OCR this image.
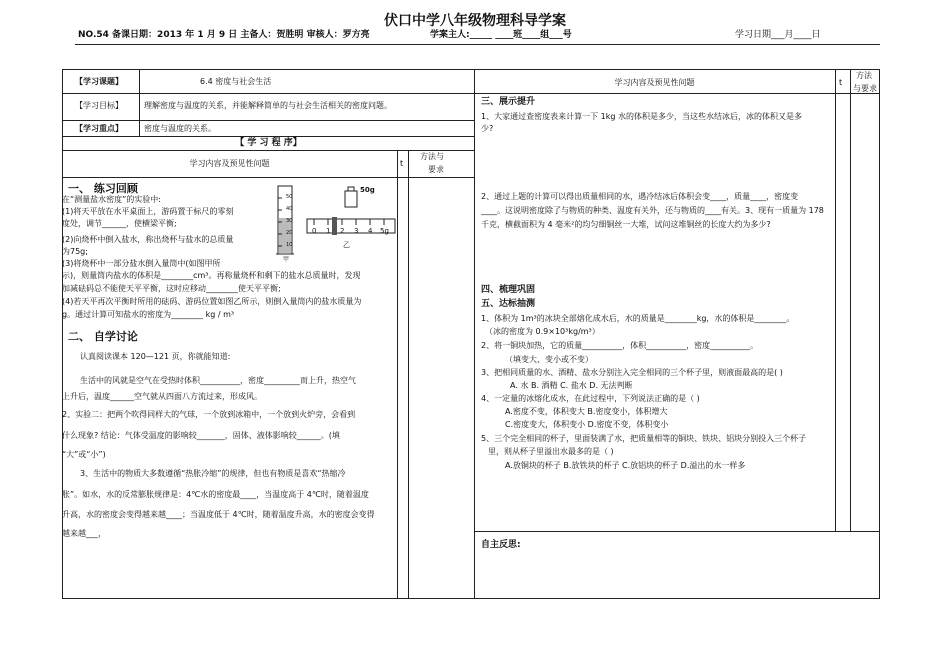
伏口中学八年级物理科导学案
NO.54 备课日期：2013 年 1 月 9 日 主备人：贺胜明 审核人：罗方亮	学案主人:_____ ____班____组___号	学习日期___月____日
【学习课题】	6.4 密度与社会生活
【学习目标】	理解密度与温度的关系，并能解释简单的与社会生活相关的密度问题。
【学习重点】	密度与温度的关系。
【 学 习 程 序】
学习内容及预见性问题	t
方法与
要求
一、 练习回顾
在“测量盐水密度”的实验中:
(1)将天平放在水平桌面上，游码置于标尺的零刻
度处，调节______，使横梁平衡;
(2)向烧杯中倒入盐水，称出烧杯与盐水的总质量
为75g;
(3)将烧杯中一部分盐水倒入量筒中(如图甲所
示)，则量筒内盐水的体积是________cm³。再称量烧杯和剩下的盐水总质量时，发现
加减砝码总不能使天平平衡，这时应移动________使天平平衡;
(4)若天平再次平衡时所用的砝码、游码位置如图乙所示，则倒入量筒内的盐水质量为
g。通过计算可知盐水的密度为________ kg / m³
50
40
30
20
10
甲
50g
0 1 2 3 4 5g
乙
二、 自学讨论
认真阅读课本 120—121 页，你就能知道:
生活中的风就是空气在受热时体积__________，密度_________而上升，热空气
上升后，温度______空气就从四面八方流过来，形成风。
2、实验二：把两个吹得同样大的气球，一个放到冰箱中，一个放到火炉旁，会看到
什么现象? 结论：气体受温度的影响较_______，固体、液体影响较______。(填
“大”或“小”)
3、生活中的物质大多数遵循“热胀冷缩”的规律，但也有物质是喜欢“热缩冷
胀”。如水，水的反常膨胀规律是：4℃水的密度最____，当温度高于 4℃时，随着温度
升高，水的密度会变得越来越____；当温度低于 4℃时，随着温度升高，水的密度会变得
越来越___，
学习内容及预见性问题	t
方法
与要求
三、展示提升
1、大家通过查密度表来计算一下 1kg 水的体积是多少，当这些水结冰后，冰的体积又是多
少?
2、通过上题的计算可以得出质量相同的水，遇冷结冰后体积会变____，质量____，密度变
____。这说明密度除了与物质的种类、温度有关外，还与物质的____有关。3、现有一质量为 178
千克，横截面积为 4 毫米²的均匀细铜丝一大堆，试问这堆铜丝的长度大约为多少?
四、梳理巩固
五、达标抽测
1、体积为 1m³的冰块全部熔化成水后，水的质量是________kg，水的体积是________。
（冰的密度为 0.9×10³kg/m³）
2、将一铜块加热，它的质量__________，体积__________，密度__________。
（填变大、变小或不变）
3、把相同质量的水、酒精、盐水分别注入完全相同的三个杯子里，则液面最高的是( )
A. 水 B. 酒精 C. 盐水 D. 无法判断
4、一定量的冰熔化成水，在此过程中，下列说法正确的是（ )
A.密度不变，体积变大 B.密度变小，体积增大
C.密度变大，体积变小 D.密度不变，体积变小
5、三个完全相同的杯子，里面装满了水，把质量相等的铜块、铁块、铝块分别投入三个杯子
里，则从杯子里溢出水最多的是（ )
A.放铜块的杯子 B.放铁块的杯子 C.放铝块的杯子 D.溢出的水一样多
自主反思:
